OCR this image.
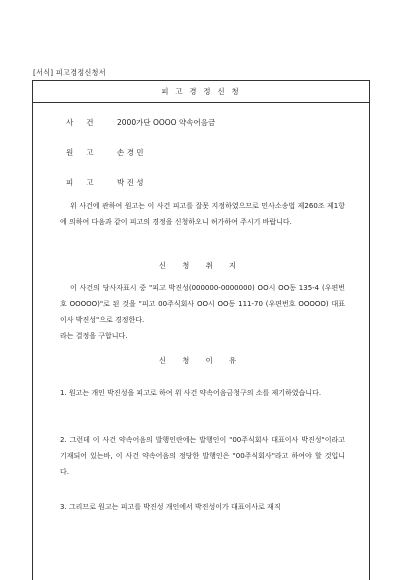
[서식] 피고경정신청서
피 고 경 정 신 청
사건 2000가단 OOOO 약속어음금
원고 손 경 민
피고 박 진 성
위 사건에 관하여 원고는 이 사건 피고를 잘못 지정하였으므로 민사소송법 제260조 제1항에 의하여 다음과 같이 피고의 경정을 신청하오니 허가하여 주시기 바랍니다.
신 청 취 지
이 사건의 당사자표시 중 "피고 박진성(000000-0000000) OO시 OO동 135-4 (우편번호 OOOOO)"로 된 것을 "피고 00주식회사 OO시 OO동 111-70 (우편번호 OOOOO) 대표이사 박진성"으로 경정한다.
라는 결정을 구합니다.
신 청 이 유
1. 원고는 개인 박진성을 피고로 하여 위 사건 약속어음금청구의 소를 제기하였습니다.
2. 그런데 이 사건 약속어음의 발행인란에는 발행인이 "00주식회사 대표이사 박진성"이라고 기재되어 있는바, 이 사건 약속어음의 정당한 발행인은 "00주식회사"라고 하여야 할 것입니다.
3. 그리므로 원고는 피고를 박진성 개인에서 박진성이가 대표이사로 재직
